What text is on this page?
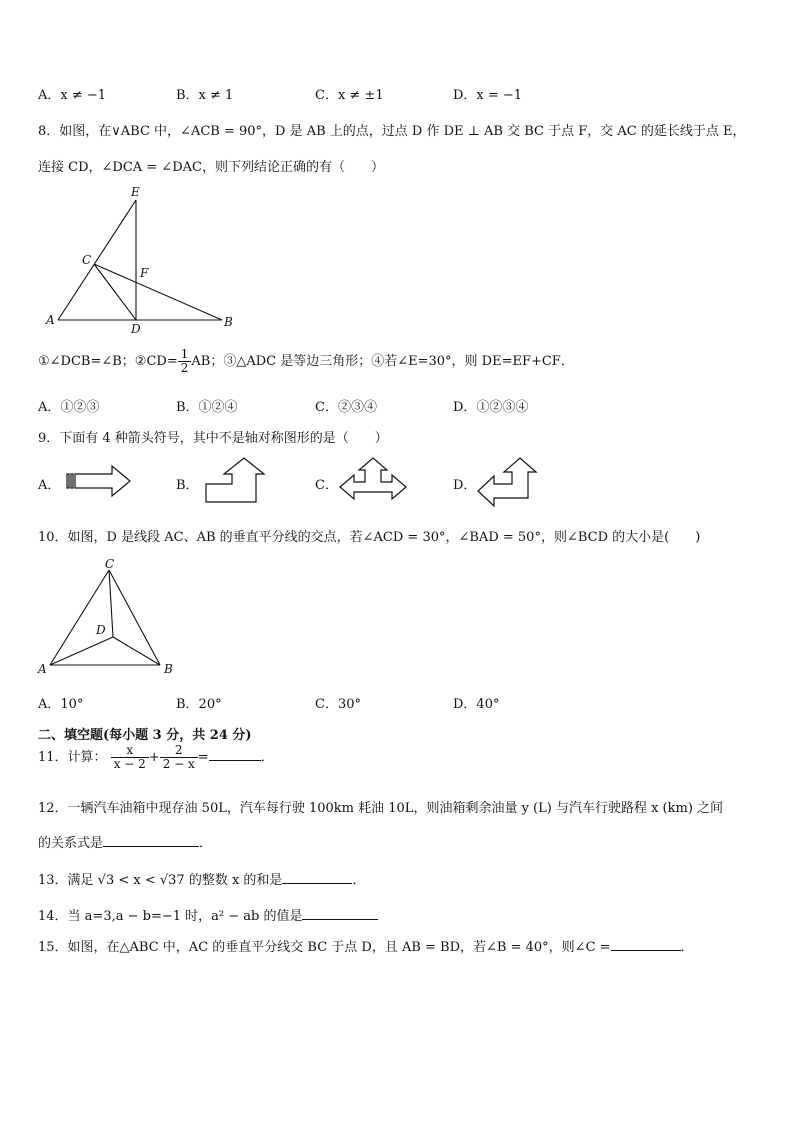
A．x ≠ −1	B．x ≠ 1	C．x ≠ ±1	D．x = −1
8．如图，在∨ABC 中，∠ACB = 90°，D 是 AB 上的点，过点 D 作 DE ⊥ AB 交 BC 于点 F，交 AC 的延长线于点 E，
连接 CD，∠DCA = ∠DAC，则下列结论正确的有（　　）
E
C
F
A
D	B
①∠DCB=∠B；②CD= $\frac{1}{2}$ AB；③△ADC 是等边三角形；④若∠E=30°，则 DE=EF+CF．
A．①②③	B．①②④	C．②③④	D．①②③④
9．下面有 4 种箭头符号，其中不是轴对称图形的是（　　）
A．	B．	C．	D．
10．如图，D 是线段 AC、AB 的垂直平分线的交点，若∠ACD = 30°，∠BAD = 50°，则∠BCD 的大小是(　　)
C
D
A	B
A．10°	B．20°	C．30°	D．40°
二、填空题(每小题 3 分，共 24 分)
11．计算： $\frac{x}{x - 2} + \frac{2}{2 - x}$ =	．
12．一辆汽车油箱中现存油 50L，汽车每行驶 100km 耗油 10L，则油箱剩余油量 y (L) 与汽车行驶路程 x (km) 之间
的关系式是	．
13．满足 √3 < x < √37 的整数 x 的和是	．
14．当 a=3,a − b=−1 时，a² − ab 的值是
15．如图，在△ABC 中，AC 的垂直平分线交 BC 于点 D，且 AB = BD，若∠B = 40°，则∠C =	．
